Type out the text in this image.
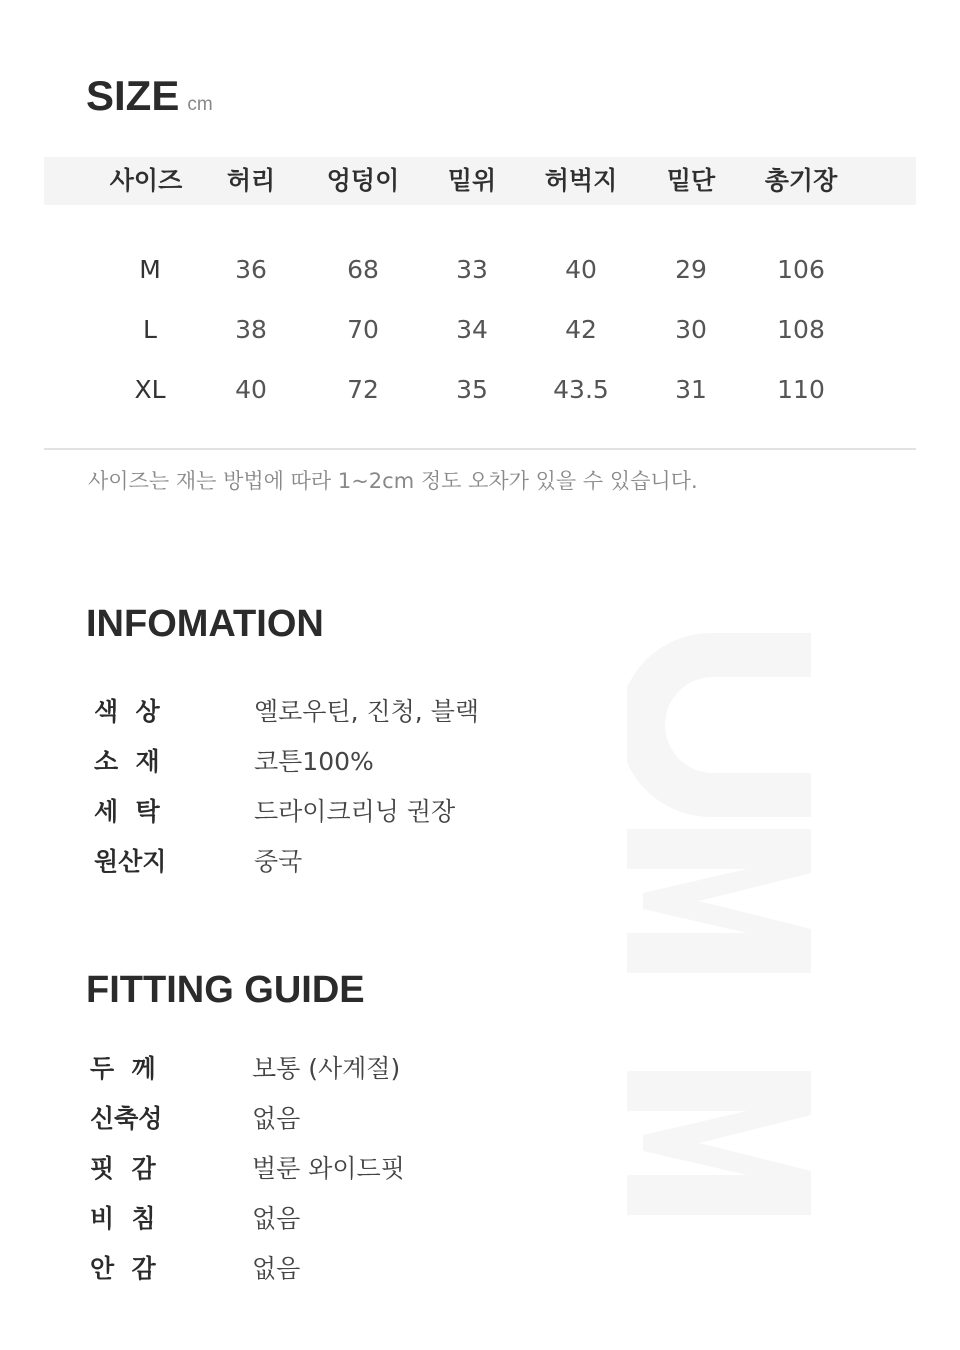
SIZE cm

사이즈는 재는 방법에 따라 1~2cm 정도 오차가 있을 수 있습니다.

INFOMATION
색  상	옐로우틴, 진청, 블랙
소  재	코튼100%
세  탁	드라이크리닝 권장
원산지	중국
FITTING GUIDE
두  께	보통 (사계절)
신축성	없음
핏  감	벌룬 와이드핏
비  침	없음
안  감	없음
사이즈	허리	엉덩이	밑위	허벅지	밑단	총기장
M	36	68	33	40	29	106
L	38	70	34	42	30	108
XL	40	72	35	43.5	31	110
